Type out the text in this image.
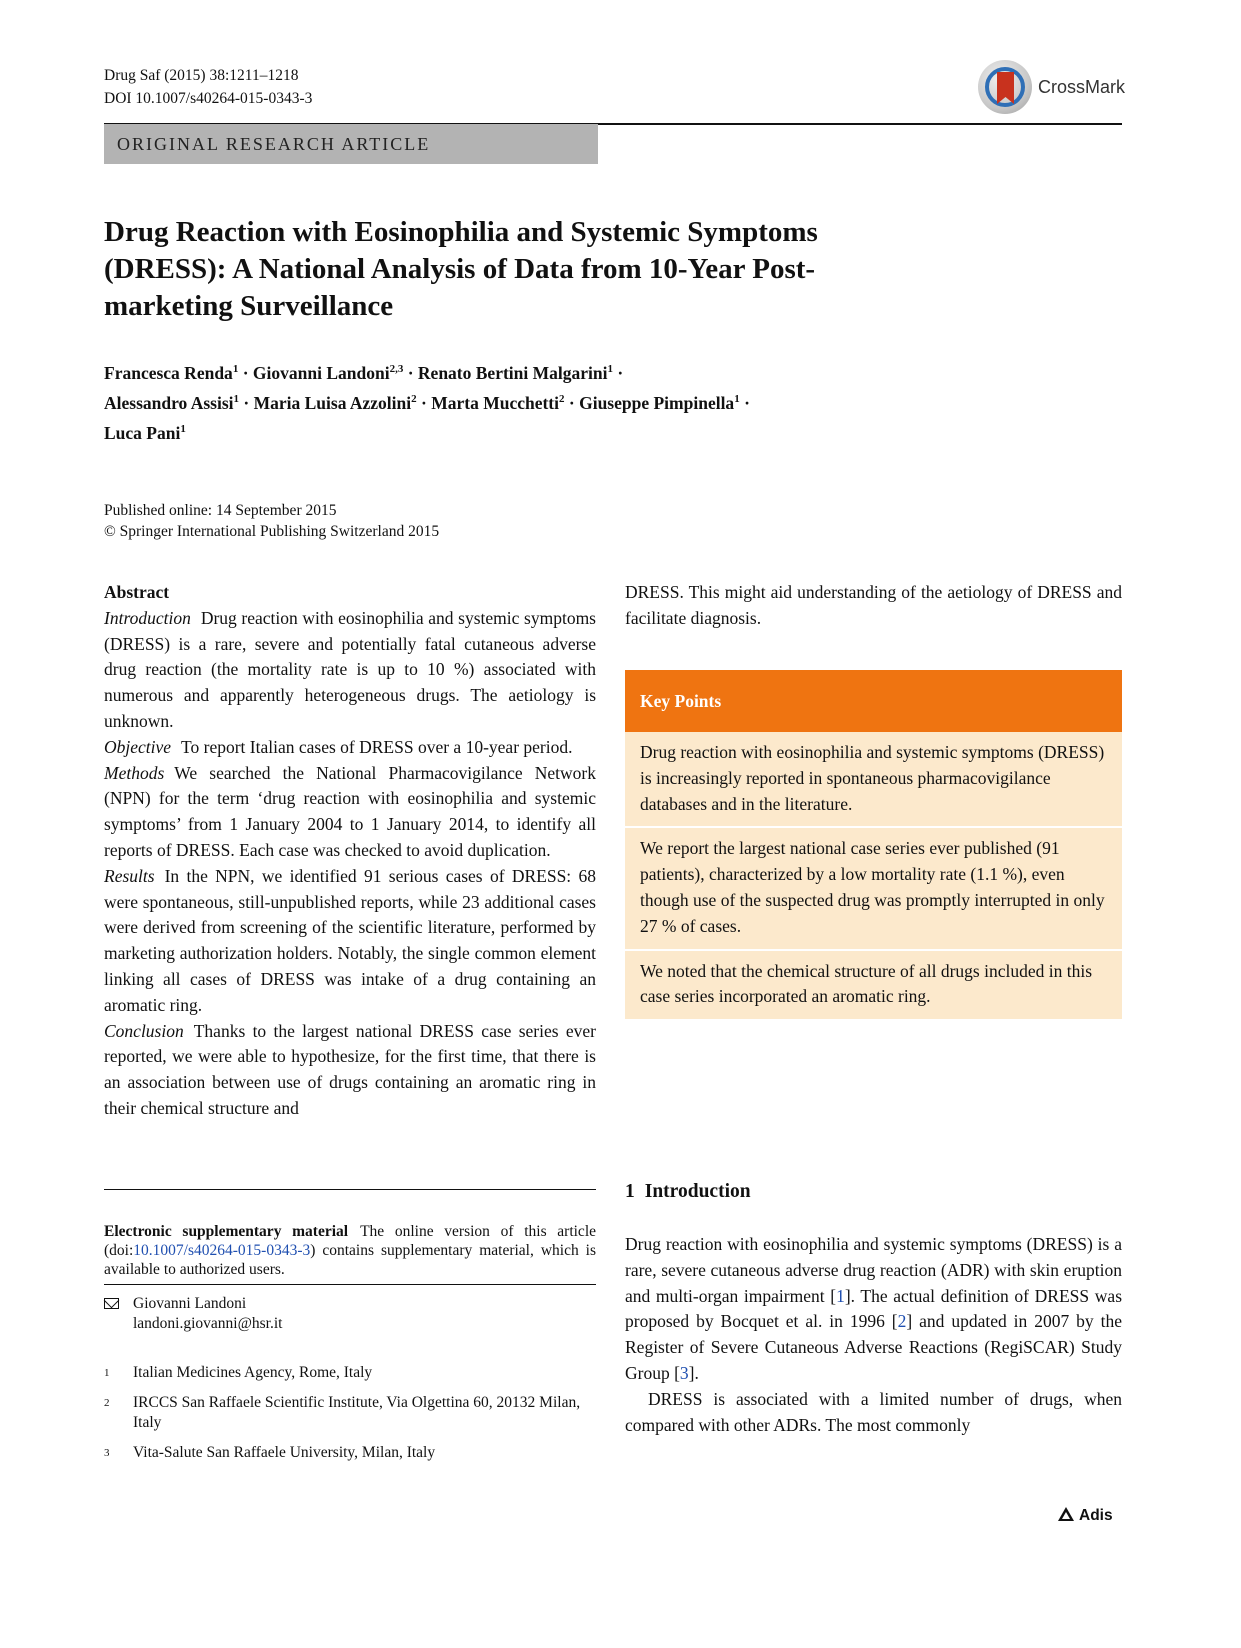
Drug Saf (2015) 38:1211–1218
DOI 10.1007/s40264-015-0343-3
CrossMark
ORIGINAL RESEARCH ARTICLE
Drug Reaction with Eosinophilia and Systemic Symptoms
(DRESS): A National Analysis of Data from 10-Year Post-
marketing Surveillance
Francesca Renda$^1$ · Giovanni Landoni$^{2,3}$ · Renato Bertini Malgarini$^1$ ·
Alessandro Assisi$^1$ · Maria Luisa Azzolini$^2$ · Marta Mucchetti$^2$ · Giuseppe Pimpinella$^1$ ·
Luca Pani$^1$
Published online: 14 September 2015
© Springer International Publishing Switzerland 2015

Abstract

Introduction Drug reaction with eosinophilia and systemic symptoms (DRESS) is a rare, severe and potentially fatal cutaneous adverse drug reaction (the mortality rate is up to 10 %) associated with numerous and apparently heterogeneous drugs. The aetiology is unknown.

Objective To report Italian cases of DRESS over a 10-year period.

Methods We searched the National Pharmacovigilance Network (NPN) for the term ‘drug reaction with eosinophilia and systemic symptoms’ from 1 January 2004 to 1 January 2014, to identify all reports of DRESS. Each case was checked to avoid duplication.

Results In the NPN, we identified 91 serious cases of DRESS: 68 were spontaneous, still-unpublished reports, while 23 additional cases were derived from screening of the scientific literature, performed by marketing authorization holders. Notably, the single common element linking all cases of DRESS was intake of a drug containing an aromatic ring.

Conclusion Thanks to the largest national DRESS case series ever reported, we were able to hypothesize, for the first time, that there is an association between use of drugs containing an aromatic ring in their chemical structure and

Electronic supplementary material The online version of this article (doi:10.1007/s40264-015-0343-3) contains supplementary material, which is available to authorized users.
Giovanni Landoni
landoni.giovanni@hsr.it
1 Italian Medicines Agency, Rome, Italy
2 IRCCS San Raffaele Scientific Institute, Via Olgettina 60, 20132 Milan, Italy
3 Vita-Salute San Raffaele University, Milan, Italy
DRESS. This might aid understanding of the aetiology of DRESS and facilitate diagnosis.
Key Points
Drug reaction with eosinophilia and systemic symptoms (DRESS) is increasingly reported in spontaneous pharmacovigilance databases and in the literature.
We report the largest national case series ever published (91 patients), characterized by a low mortality rate (1.1 %), even though use of the suspected drug was promptly interrupted in only 27 % of cases.
We noted that the chemical structure of all drugs included in this case series incorporated an aromatic ring.
1 Introduction

Drug reaction with eosinophilia and systemic symptoms (DRESS) is a rare, severe cutaneous adverse drug reaction (ADR) with skin eruption and multi-organ impairment [1]. The actual definition of DRESS was proposed by Bocquet et al. in 1996 [2] and updated in 2007 by the Register of Severe Cutaneous Adverse Reactions (RegiSCAR) Study Group [3].

DRESS is associated with a limited number of drugs, when compared with other ADRs. The most commonly

Adis
